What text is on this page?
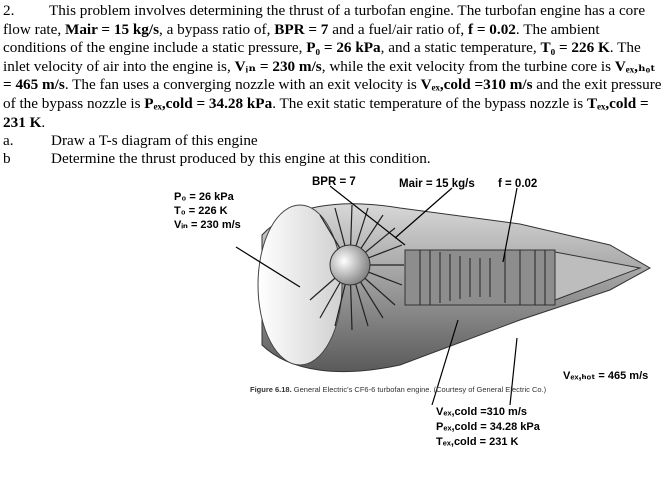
2. This problem involves determining the thrust of a turbofan engine. The turbofan engine has a core flow rate, Mair = 15 kg/s, a bypass ratio of, BPR = 7 and a fuel/air ratio of, f = 0.02. The ambient conditions of the engine include a static pressure, P₀ = 26 kPa, and a static temperature, T₀ = 226 K. The inlet velocity of air into the engine is, Vᵢₙ = 230 m/s, while the exit velocity from the turbine core is Vₑₓ,ₕₒₜ = 465 m/s. The fan uses a converging nozzle with an exit velocity is Vₑₓ,cold =310 m/s and the exit pressure of the bypass nozzle is Pₑₓ,cold = 34.28 kPa. The exit static temperature of the bypass nozzle is Tₑₓ,cold = 231 K.
a. Draw a T-s diagram of this engine
b	Determine the thrust produced by this engine at this condition.
BPR = 7	Mair = 15 kg/s f = 0.02
P₀ = 26 kPa
T₀ = 226 K
Vᵢₙ = 230 m/s
Vₑₓ,ₕₒₜ = 465 m/s
Figure 6.18. General Electric's CF6-6 turbofan engine. (Courtesy of General Electric Co.)
Vₑₓ,cold =310 m/s
Pₑₓ,cold = 34.28 kPa
Tₑₓ,cold = 231 K
